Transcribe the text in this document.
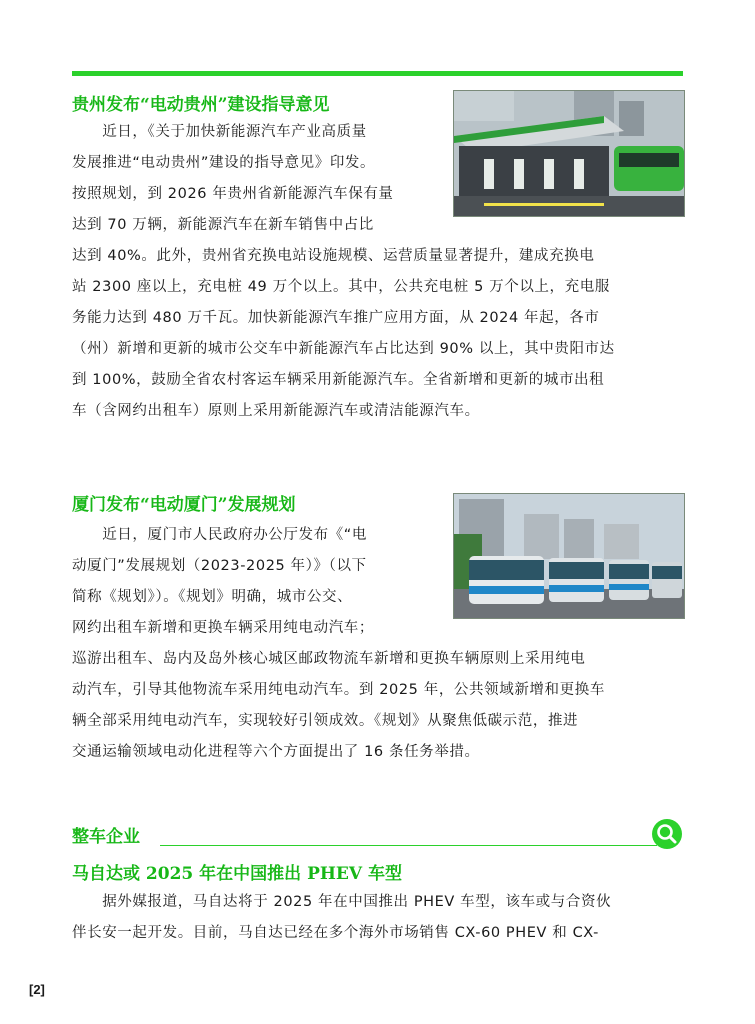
贵州发布“电动贵州”建设指导意见

　　近日，《关于加快新能源汽车产业高质量
发展推进“电动贵州”建设的指导意见》印发。
按照规划，到 2026 年贵州省新能源汽车保有量
达到 70 万辆，新能源汽车在新车销售中占比

达到 40%。此外，贵州省充换电站设施规模、运营质量显著提升，建成充换电
站 2300 座以上，充电桩 49 万个以上。其中，公共充电桩 5 万个以上，充电服
务能力达到 480 万千瓦。加快新能源汽车推广应用方面，从 2024 年起，各市
（州）新增和更新的城市公交车中新能源汽车占比达到 90% 以上，其中贵阳市达
到 100%，鼓励全省农村客运车辆采用新能源汽车。全省新增和更新的城市出租
车（含网约出租车）原则上采用新能源汽车或清洁能源汽车。

厦门发布“电动厦门”发展规划

　　近日，厦门市人民政府办公厅发布《“电
动厦门”发展规划（2023-2025 年）》（以下
简称《规划》）。《规划》明确，城市公交、
网约出租车新增和更换车辆采用纯电动汽车；

巡游出租车、岛内及岛外核心城区邮政物流车新增和更换车辆原则上采用纯电
动汽车，引导其他物流车采用纯电动汽车。到 2025 年，公共领域新增和更换车
辆全部采用纯电动汽车，实现较好引领成效。《规划》从聚焦低碳示范，推进
交通运输领域电动化进程等六个方面提出了 16 条任务举措。

整车企业
马自达或 2025 年在中国推出 PHEV 车型

　　据外媒报道，马自达将于 2025 年在中国推出 PHEV 车型，该车或与合资伙
伴长安一起开发。目前，马自达已经在多个海外市场销售 CX-60 PHEV 和 CX-

[2]
